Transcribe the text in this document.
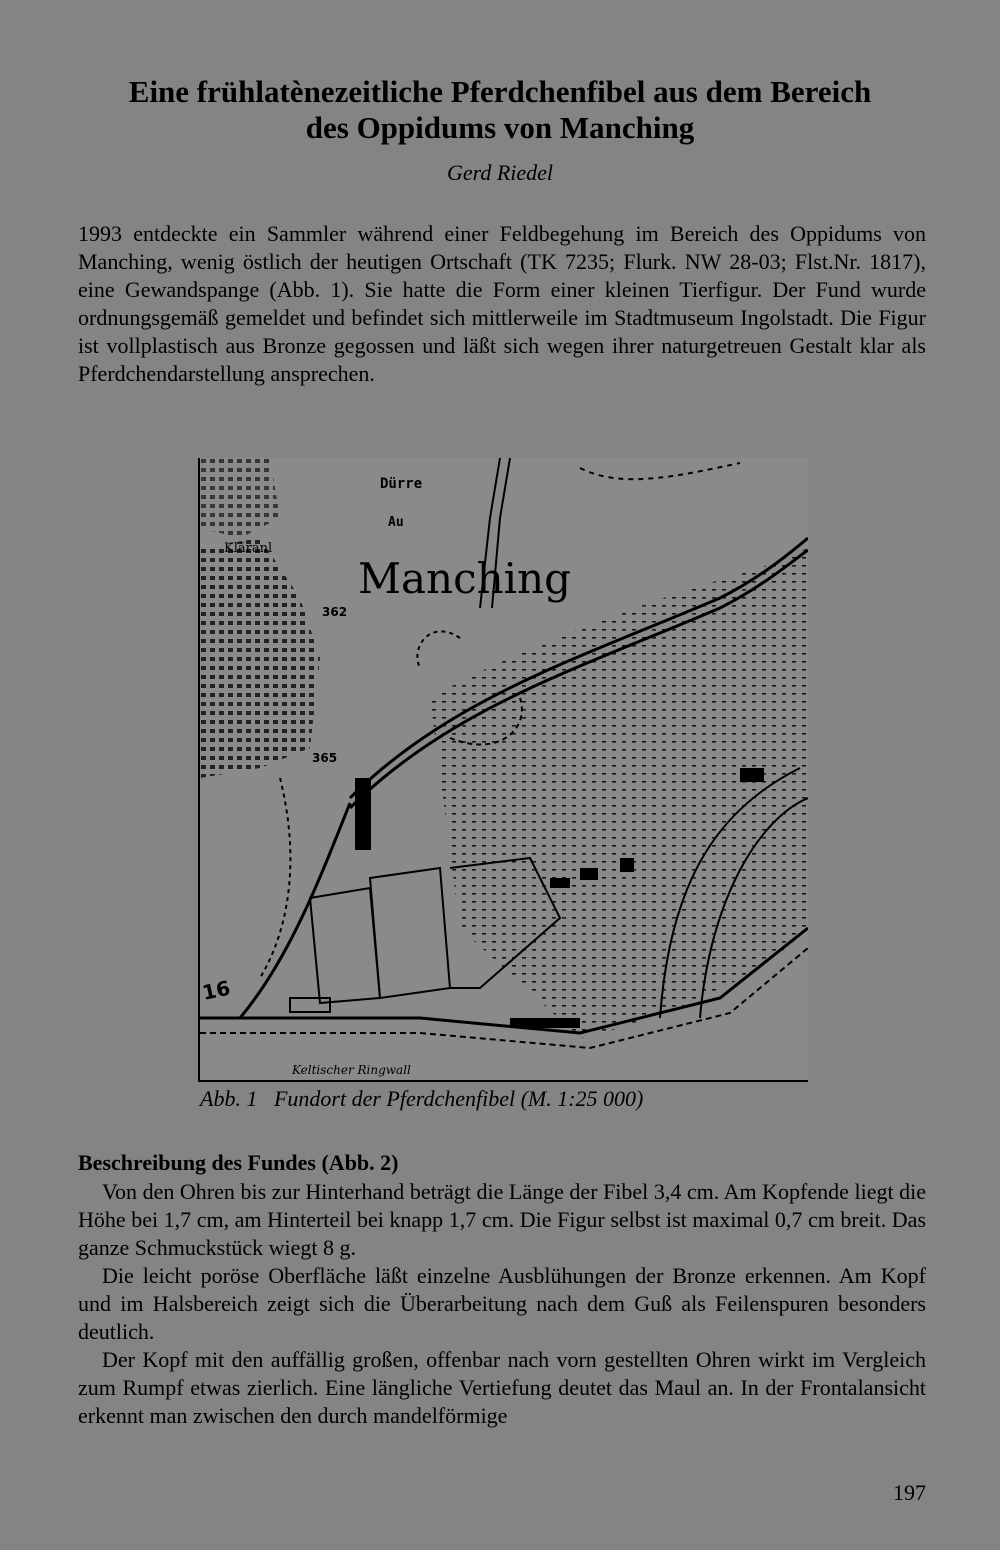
Eine frühlatènezeitliche Pferdchenfibel aus dem Bereich
des Oppidums von Manching
Gerd Riedel

1993 entdeckte ein Sammler während einer Feldbegehung im Bereich des Oppidums von Manching, wenig östlich der heutigen Ortschaft (TK 7235; Flurk. NW 28-03; Flst.Nr. 1817), eine Gewandspange (Abb. 1). Sie hatte die Form einer kleinen Tierfigur. Der Fund wurde ordnungsgemäß gemeldet und befindet sich mittlerweile im Stadtmuseum Ingolstadt. Die Figur ist vollplastisch aus Bronze gegossen und läßt sich wegen ihrer naturgetreuen Gestalt klar als Pferdchendarstellung ansprechen.

Dürre
Au
Kläranl
Manching
362
365
16
Keltischer Ringwall
Abb. 1 Fundort der Pferdchenfibel (M. 1:25 000)
Beschreibung des Fundes (Abb. 2)

Von den Ohren bis zur Hinterhand beträgt die Länge der Fibel 3,4 cm. Am Kopfende liegt die Höhe bei 1,7 cm, am Hinterteil bei knapp 1,7 cm. Die Figur selbst ist maximal 0,7 cm breit. Das ganze Schmuckstück wiegt 8 g.

Die leicht poröse Oberfläche läßt einzelne Ausblühungen der Bronze erkennen. Am Kopf und im Halsbereich zeigt sich die Überarbeitung nach dem Guß als Feilenspuren besonders deutlich.

Der Kopf mit den auffällig großen, offenbar nach vorn gestellten Ohren wirkt im Vergleich zum Rumpf etwas zierlich. Eine längliche Vertiefung deutet das Maul an. In der Frontalansicht erkennt man zwischen den durch mandelförmige

197
